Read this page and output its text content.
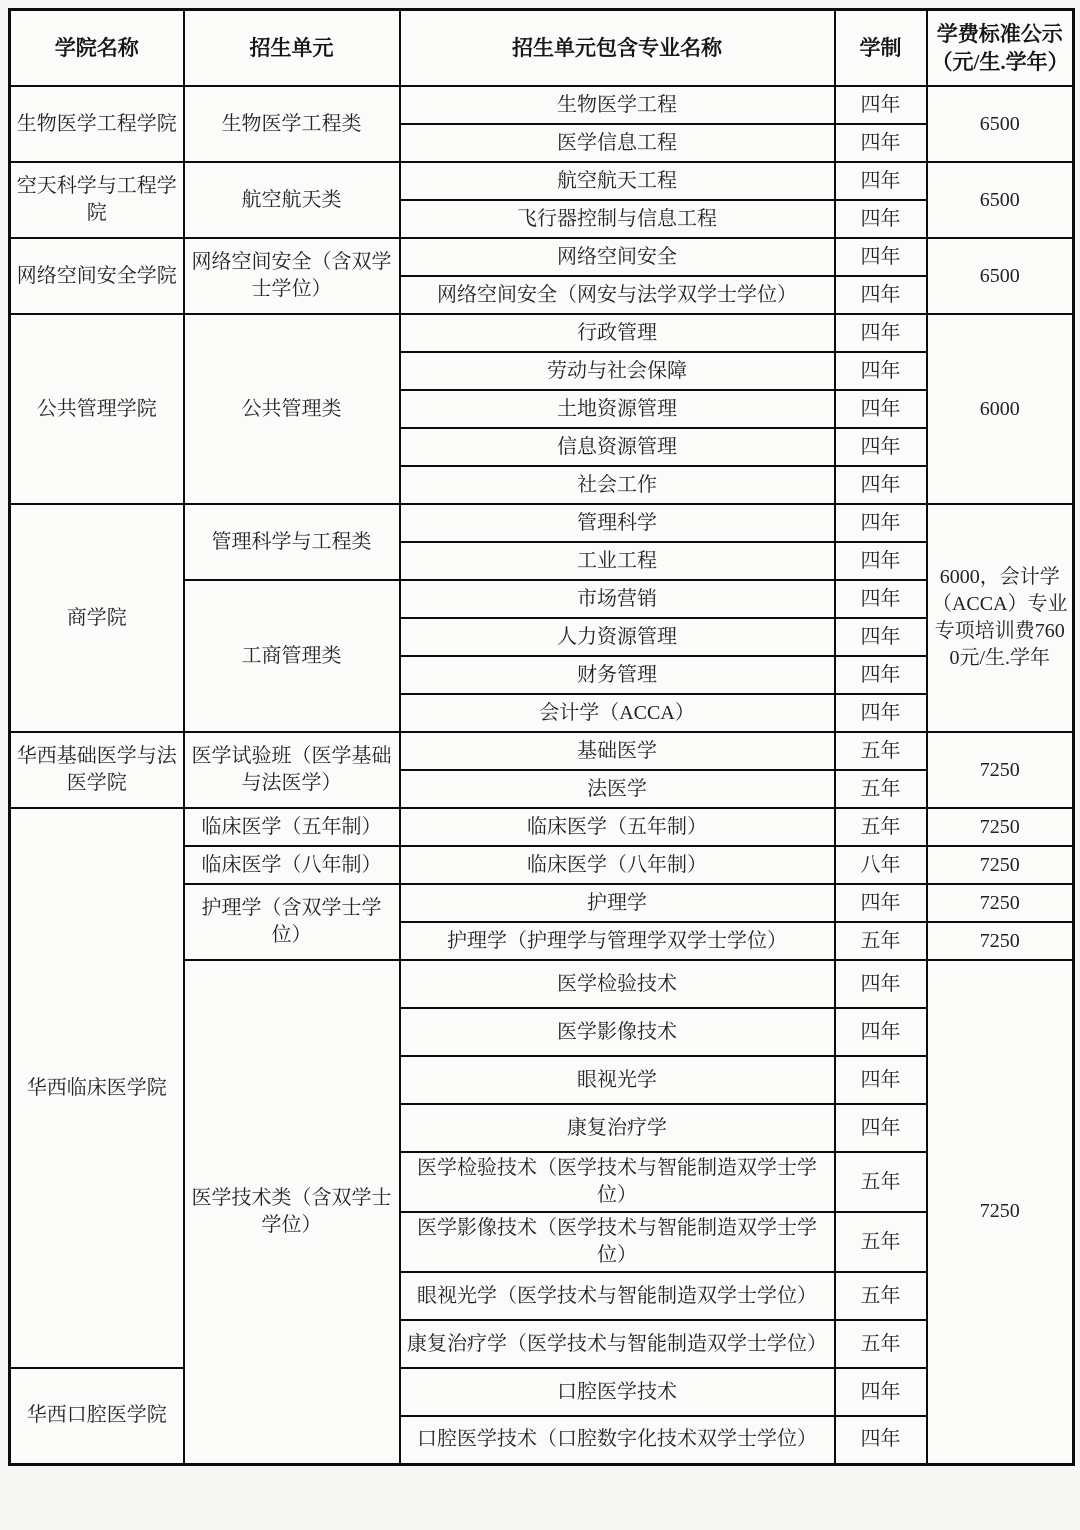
学院名称	招生单元	招生单元包含专业名称	学制	学费标准公示（元/生.学年）
生物医学工程学院	生物医学工程类	生物医学工程	四年	6500
		医学信息工程	四年	
空天科学与工程学院	航空航天类	航空航天工程	四年	6500
		飞行器控制与信息工程	四年	
网络空间安全学院	网络空间安全（含双学士学位）	网络空间安全	四年	6500
		网络空间安全（网安与法学双学士学位）	四年	
公共管理学院	公共管理类	行政管理	四年	6000
		劳动与社会保障	四年	
		土地资源管理	四年	
		信息资源管理	四年	
		社会工作	四年	
商学院	管理科学与工程类	管理科学	四年	6000，会计学（ACCA）专业专项培训费7600元/生.学年
		工业工程	四年	
	工商管理类	市场营销	四年	
		人力资源管理	四年	
		财务管理	四年	
		会计学（ACCA）	四年	
华西基础医学与法医学院	医学试验班（医学基础与法医学）	基础医学	五年	7250
		法医学	五年	
华西临床医学院	临床医学（五年制）	临床医学（五年制）	五年	7250
	临床医学（八年制）	临床医学（八年制）	八年	7250
	护理学（含双学士学位）	护理学	四年	7250
		护理学（护理学与管理学双学士学位）	五年	7250
	医学技术类（含双学士学位）	医学检验技术	四年	7250
		医学影像技术	四年	
		眼视光学	四年	
		康复治疗学	四年	
		医学检验技术（医学技术与智能制造双学士学位）	五年	
		医学影像技术（医学技术与智能制造双学士学位）	五年	
		眼视光学（医学技术与智能制造双学士学位）	五年	
		康复治疗学（医学技术与智能制造双学士学位）	五年	
华西口腔医学院		口腔医学技术	四年	
		口腔医学技术（口腔数字化技术双学士学位）	四年	
